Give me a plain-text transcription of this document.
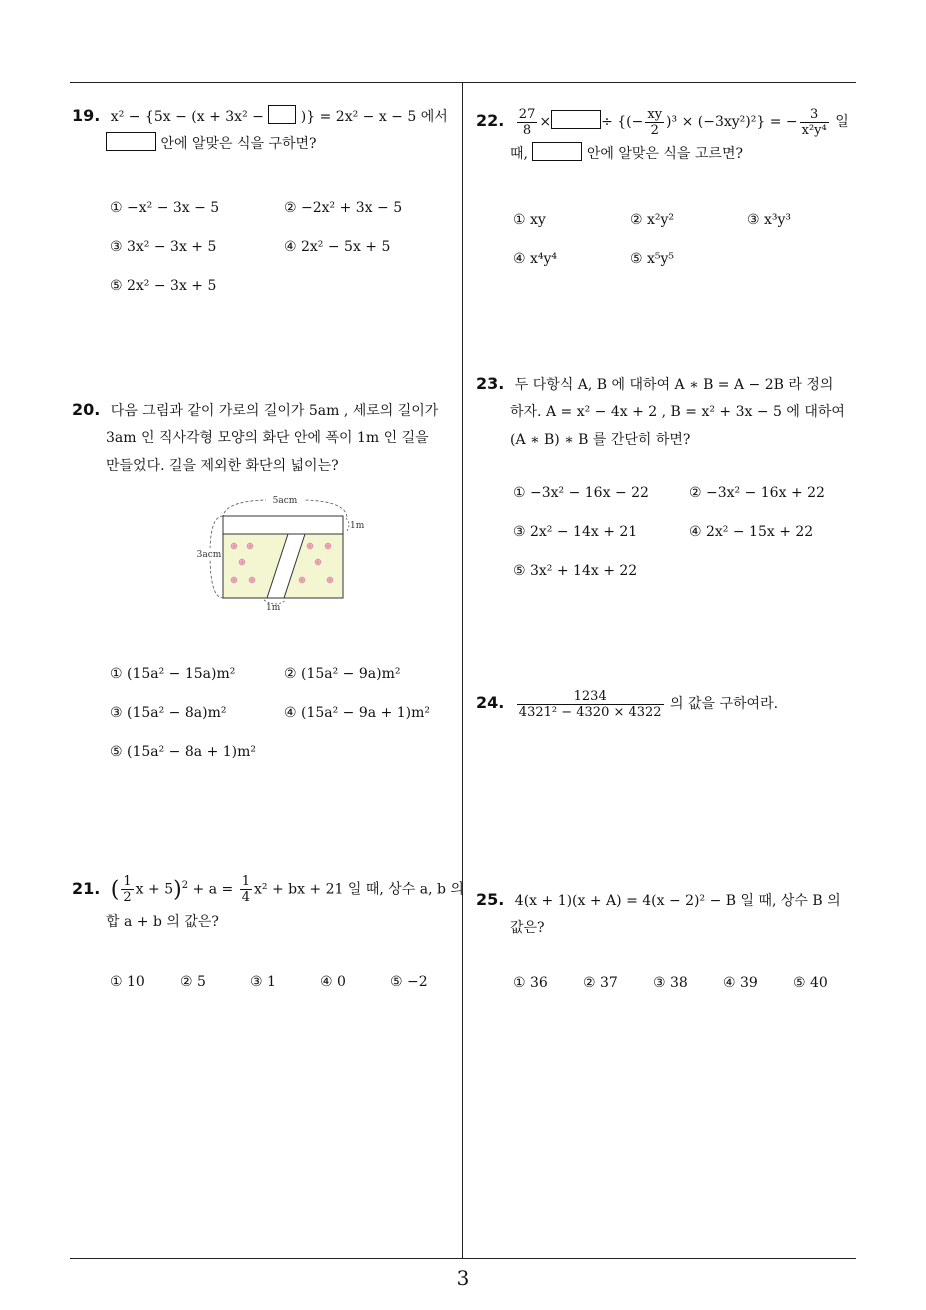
19. x² − {5x − (x + 3x² −	)} = 2x² − x − 5 에서
안에 알맞은 식을 구하면?
① −x² − 3x − 5	② −2x² + 3x − 5
③ 3x² − 3x + 5	④ 2x² − 5x + 5
⑤ 2x² − 3x + 5
20. 다음 그림과 같이 가로의 길이가 5am , 세로의 길이가
3am 인 직사각형 모양의 화단 안에 폭이 1m 인 길을
만들었다. 길을 제외한 화단의 넓이는?
5acm
3acm
1m
1m
① (15a² − 15a)m²	② (15a² − 9a)m²
③ (15a² − 8a)m²	④ (15a² − 9a + 1)m²
⑤ (15a² − 8a + 1)m²
21. ( $\frac{1}{2}$ $x + 5)^2 + a = \frac{1}{4} x^2$ + bx + 21 일 때, 상수 a, b 의
합 a + b 의 값은?
① 10	② 5	③ 1	④ 0	⑤ −2
22. $\frac{27}{8}$ ×	÷ {(− $\frac{xy}{2} )^3 \times (-3xy^2)^2$} = − $\frac{3}{\text{x²y⁴}}$ 일
때,	안에 알맞은 식을 고르면?
① xy	② x²y²	③ x³y³
④ x⁴y⁴	⑤ x⁵y⁵
23. 두 다항식 A, B 에 대하여 A ∗ B = A − 2B 라 정의
하자. A = x² − 4x + 2 , B = x² + 3x − 5 에 대하여
(A ∗ B) ∗ B 를 간단히 하면?
① −3x² − 16x − 22	② −3x² − 16x + 22
③ 2x² − 14x + 21	④ 2x² − 15x + 22
⑤ 3x² + 14x + 22
24. $\frac{1234}{\text{4321² − 4320 × 4322}}$ 의 값을 구하여라.
25. 4(x + 1)(x + A) = 4(x − 2)² − B 일 때, 상수 B 의
값은?
① 36	② 37	③ 38	④ 39	⑤ 40
3
